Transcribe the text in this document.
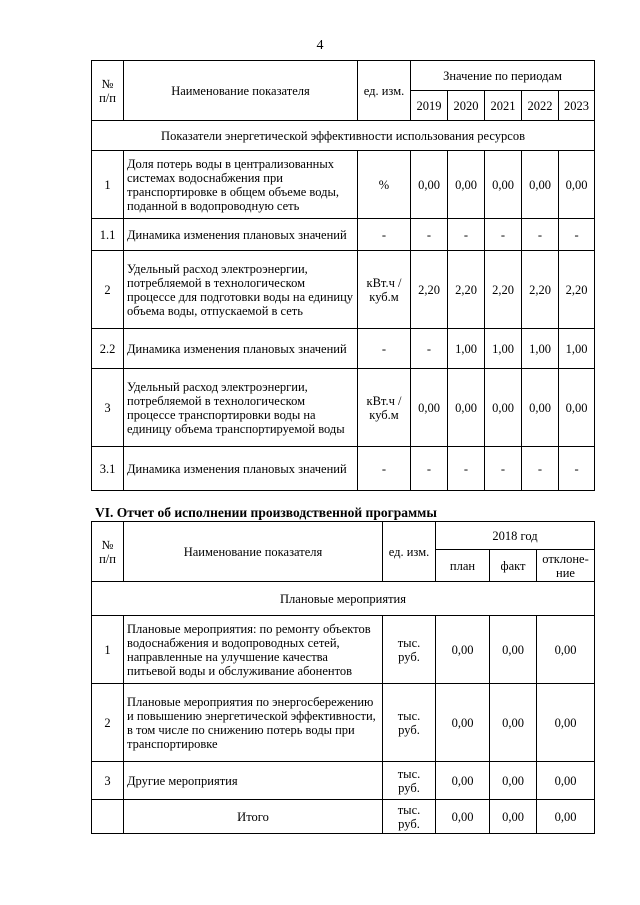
4
№ п/п	Наименование показателя	ед. изм.	Значение по периодам				
			2019	2020	2021	2022	2023
Показатели энергетической эффективности использования ресурсов							
1	Доля потерь воды в централизованных системах водоснабжения при транспортировке в общем объеме воды, поданной в водопроводную сеть	%	0,00	0,00	0,00	0,00	0,00
1.1	Динамика изменения плановых значений	-	-	-	-	-	-
2	Удельный расход электроэнергии, потребляемой в технологическом процессе для подготовки воды на единицу объема воды, отпускаемой в сеть	кВт.ч / куб.м	2,20	2,20	2,20	2,20	2,20
2.2	Динамика изменения плановых значений	-	-	1,00	1,00	1,00	1,00
3	Удельный расход электроэнергии, потребляемой в технологическом процессе транспортировки воды на единицу объема транспортируемой воды	кВт.ч / куб.м	0,00	0,00	0,00	0,00	0,00
3.1	Динамика изменения плановых значений	-	-	-	-	-	-
VI. Отчет об исполнении производственной программы
№ п/п	Наименование показателя	ед. изм.	2018 год		
			план	факт	отклоне-ние
Плановые мероприятия					
1	Плановые мероприятия: по ремонту объектов водоснабжения и водопроводных сетей, направленные на улучшение качества питьевой воды и обслуживание абонентов	тыс. руб.	0,00	0,00	0,00
2	Плановые мероприятия по энергосбережению и повышению энергетической эффективности, в том числе по снижению потерь воды при транспортировке	тыс. руб.	0,00	0,00	0,00
3	Другие мероприятия	тыс. руб.	0,00	0,00	0,00
	Итого	тыс. руб.	0,00	0,00	0,00
